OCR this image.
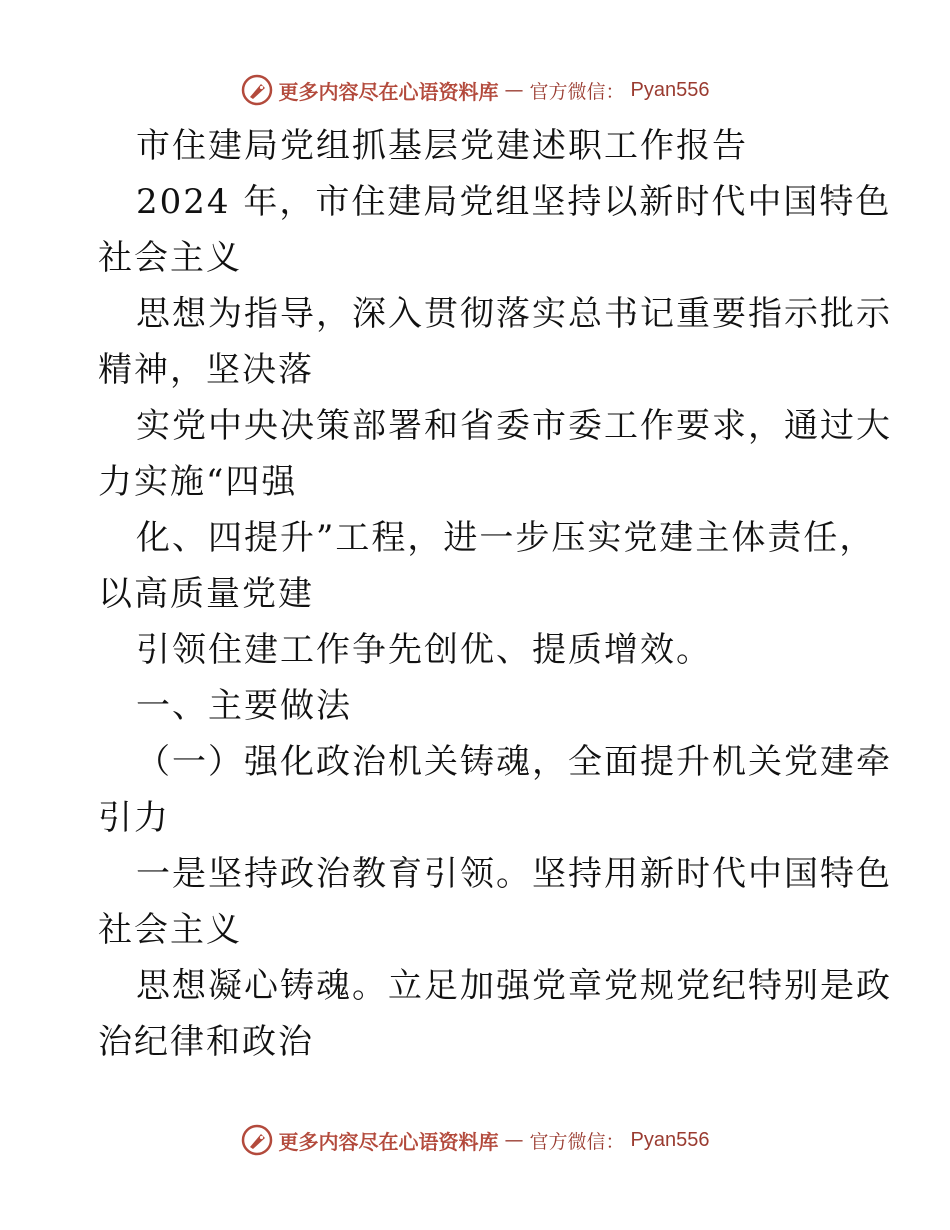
更多内容尽在心语资料库 — 官方微信： Pyan556
市住建局党组抓基层党建述职工作报告
2024 年，市住建局党组坚持以新时代中国特色
社会主义
思想为指导，深入贯彻落实总书记重要指示批示
精神，坚决落
实党中央决策部署和省委市委工作要求，通过大
力实施“四强
化、四提升”工程，进一步压实党建主体责任，
以高质量党建
引领住建工作争先创优、提质增效。
一、主要做法
（一）强化政治机关铸魂，全面提升机关党建牵
引力
一是坚持政治教育引领。坚持用新时代中国特色
社会主义
思想凝心铸魂。立足加强党章党规党纪特别是政
治纪律和政治
更多内容尽在心语资料库 — 官方微信： Pyan556
